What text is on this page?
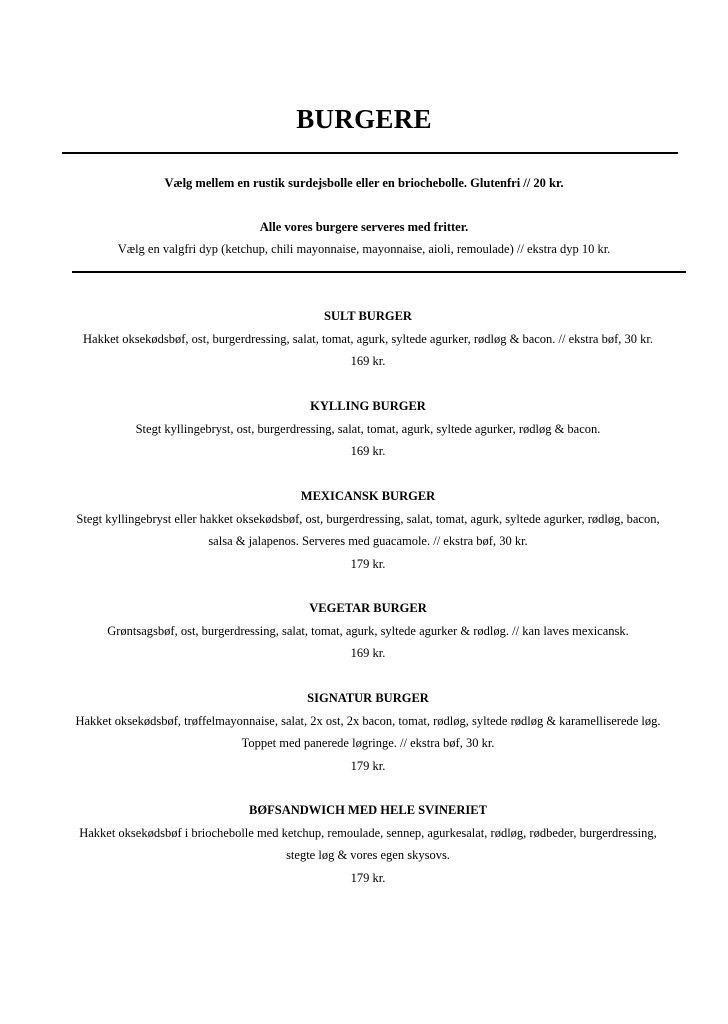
BURGERE
Vælg mellem en rustik surdejsbolle eller en briochebolle. Glutenfri // 20 kr.
Alle vores burgere serveres med fritter.
Vælg en valgfri dyp (ketchup, chili mayonnaise, mayonnaise, aioli, remoulade) // ekstra dyp 10 kr.
SULT BURGER
Hakket oksekødsbøf, ost, burgerdressing, salat, tomat, agurk, syltede agurker, rødløg & bacon. // ekstra bøf, 30 kr.
169 kr.
KYLLING BURGER
Stegt kyllingebryst, ost, burgerdressing, salat, tomat, agurk, syltede agurker, rødløg & bacon.
169 kr.
MEXICANSK BURGER
Stegt kyllingebryst eller hakket oksekødsbøf, ost, burgerdressing, salat, tomat, agurk, syltede agurker, rødløg, bacon, salsa & jalapenos. Serveres med guacamole. // ekstra bøf, 30 kr.
179 kr.
VEGETAR BURGER
Grøntsagsbøf, ost, burgerdressing, salat, tomat, agurk, syltede agurker & rødløg. // kan laves mexicansk.
169 kr.
SIGNATUR BURGER
Hakket oksekødsbøf, trøffelmayonnaise, salat, 2x ost, 2x bacon, tomat, rødløg, syltede rødløg & karamelliserede løg. Toppet med panerede løgringe. // ekstra bøf, 30 kr.
179 kr.
BØFSANDWICH MED HELE SVINERIET
Hakket oksekødsbøf i briochebolle med ketchup, remoulade, sennep, agurkesalat, rødløg, rødbeder, burgerdressing, stegte løg & vores egen skysovs.
179 kr.
